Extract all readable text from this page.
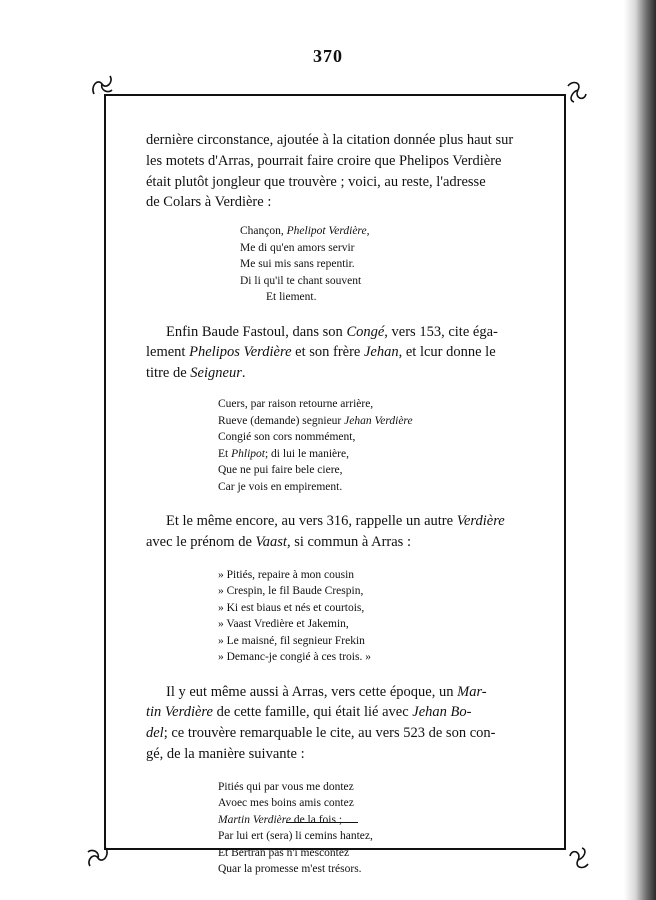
370

dernière circonstance, ajoutée à la citation donnée plus haut sur
les motets d'Arras, pourrait faire croire que Phelipos Verdière
était plutôt jongleur que trouvère ; voici, au reste, l'adresse
de Colars à Verdière :

Chançon, Phelipot Verdière,
Me di qu'en amors servir
Me sui mis sans repentir.
Di li qu'il te chant souvent
Et liement.

Enfin Baude Fastoul, dans son Congé, vers 153, cite éga-
lement Phelipos Verdière et son frère Jehan, et lcur donne le
titre de Seigneur.

Cuers, par raison retourne arrière,
Rueve (demande) segnieur Jehan Verdière
Congié son cors nommément,
Et Phlipot; di lui le manière,
Que ne pui faire bele ciere,
Car je vois en empirement.

Et le même encore, au vers 316, rappelle un autre Verdière
avec le prénom de Vaast, si commun à Arras :

» Pitiés, repaire à mon cousin
» Crespin, le fil Baude Crespin,
» Ki est biaus et nés et courtois,
» Vaast Vredière et Jakemin,
» Le maisné, fil segnieur Frekin
» Demanc-je congié à ces trois. »

Il y eut même aussi à Arras, vers cette époque, un Mar-
tin Verdière de cette famille, qui était lié avec Jehan Bo-
del; ce trouvère remarquable le cite, au vers 523 de son con-
gé, de la manière suivante :

Pitiés qui par vous me dontez
Avoec mes boins amis contez
Martin Verdière de la fois ;
Par lui ert (sera) li cemins hantez,
Et Bertran pas n'i mescontez
Quar la promesse m'est trésors.
